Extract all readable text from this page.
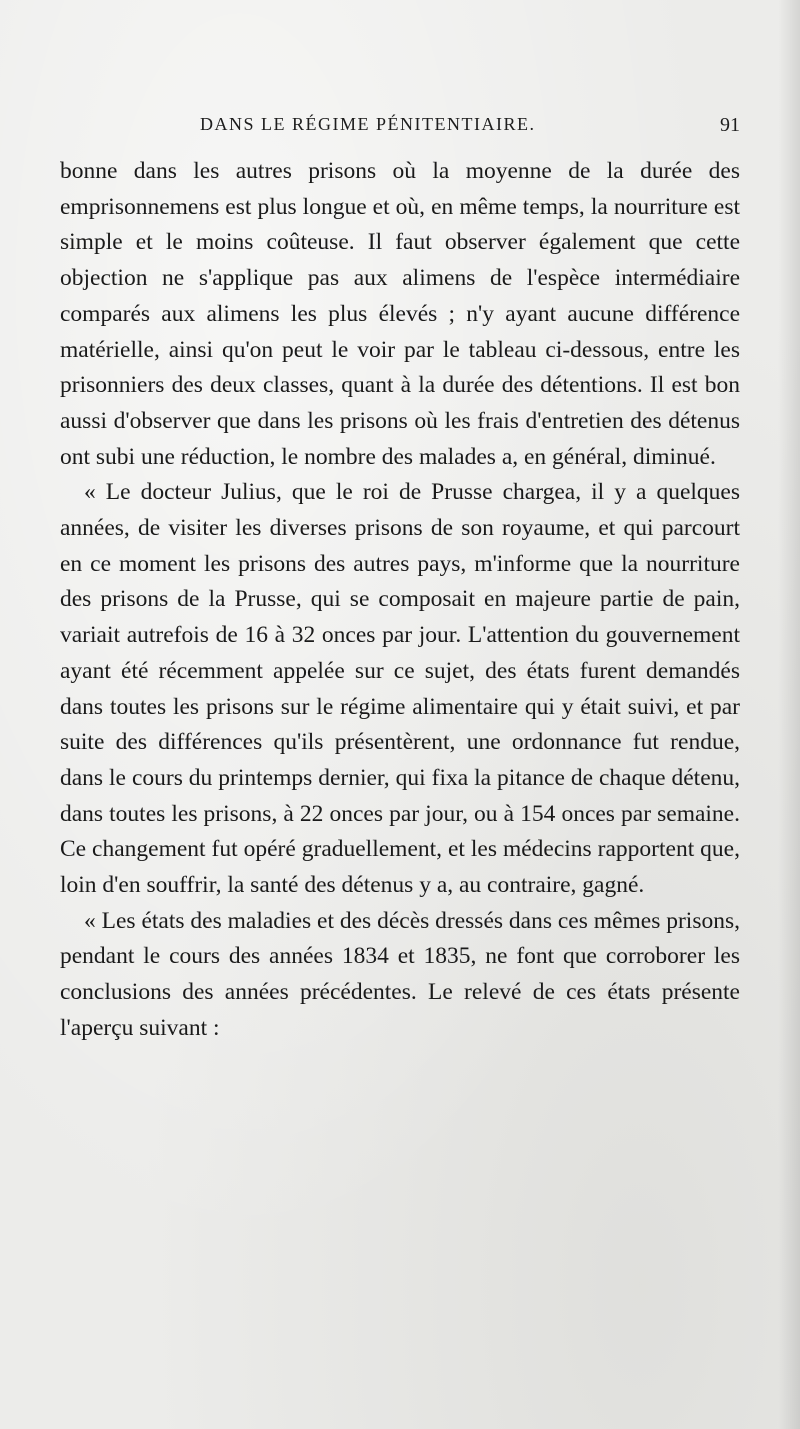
DANS LE RÉGIME PÉNITENTIAIRE.	91

bonne dans les autres prisons où la moyenne de la durée des emprisonnemens est plus longue et où, en même temps, la nourriture est simple et le moins coûteuse. Il faut observer également que cette objection ne s'applique pas aux alimens de l'espèce intermédiaire comparés aux alimens les plus élevés ; n'y ayant aucune différence matérielle, ainsi qu'on peut le voir par le tableau ci-dessous, entre les prisonniers des deux classes, quant à la durée des détentions. Il est bon aussi d'observer que dans les prisons où les frais d'entretien des détenus ont subi une réduction, le nombre des malades a, en général, diminué.

« Le docteur Julius, que le roi de Prusse chargea, il y a quelques années, de visiter les diverses prisons de son royaume, et qui parcourt en ce moment les prisons des autres pays, m'informe que la nourriture des prisons de la Prusse, qui se composait en majeure partie de pain, variait autrefois de 16 à 32 onces par jour. L'attention du gouvernement ayant été récemment appelée sur ce sujet, des états furent demandés dans toutes les prisons sur le régime alimentaire qui y était suivi, et par suite des différences qu'ils présentèrent, une ordonnance fut rendue, dans le cours du printemps dernier, qui fixa la pitance de chaque détenu, dans toutes les prisons, à 22 onces par jour, ou à 154 onces par semaine. Ce changement fut opéré graduellement, et les médecins rapportent que, loin d'en souffrir, la santé des détenus y a, au contraire, gagné.

« Les états des maladies et des décès dressés dans ces mêmes prisons, pendant le cours des années 1834 et 1835, ne font que corroborer les conclusions des années précédentes. Le relevé de ces états présente l'aperçu suivant :
